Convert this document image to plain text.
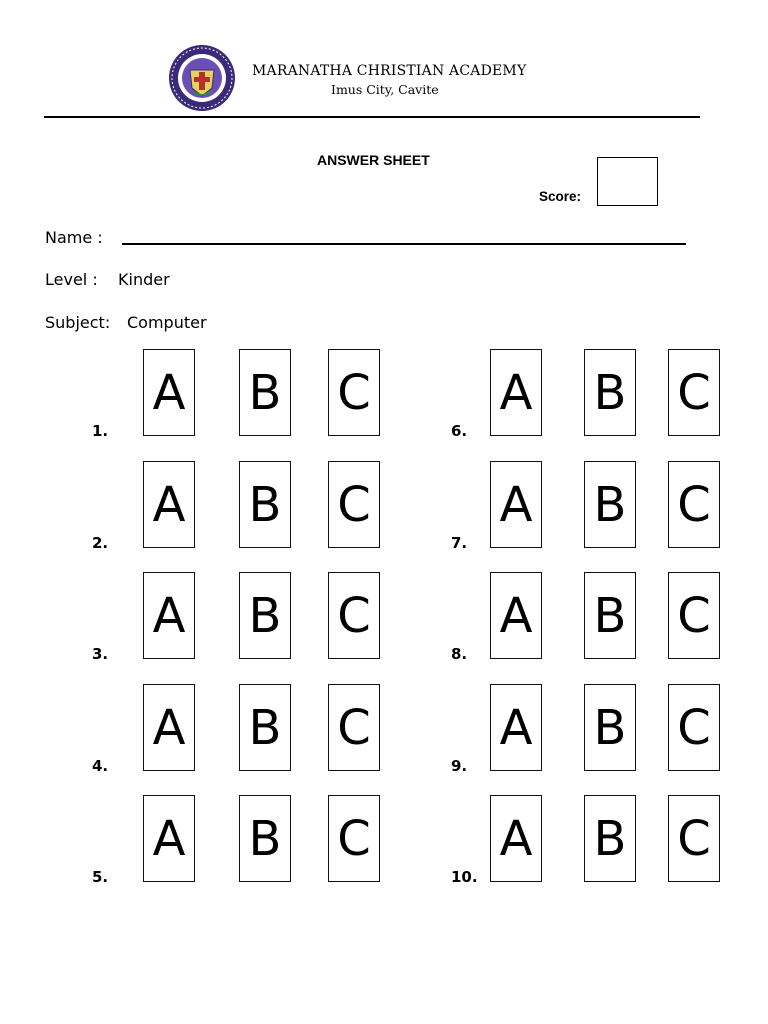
MARANATHA CHRISTIAN ACADEMY
Imus City, Cavite
ANSWER SHEET
Score:
Name :
Level : Kinder
Subject: Computer
1.
A B C
2.
A B C
3.
A B C
4.
A B C
5.
A B C
6.
A B C
7.
A B C
8.
A B C
9.
A B C
10.
A B C
